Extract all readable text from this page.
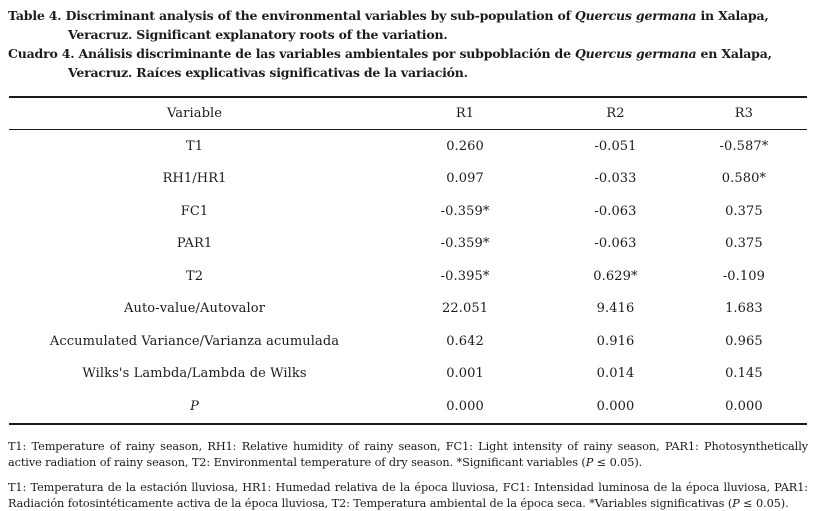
Table 4. Discriminant analysis of the environmental variables by sub-population of Quercus germana in Xalapa,
Veracruz. Significant explanatory roots of the variation.
Cuadro 4. Análisis discriminante de las variables ambientales por subpoblación de Quercus germana en Xalapa,
Veracruz. Raíces explicativas significativas de la variación.
Variable	R1	R2	R3
T1	0.260	-0.051	-0.587*
RH1/HR1	0.097	-0.033	0.580*
FC1	-0.359*	-0.063	0.375
PAR1	-0.359*	-0.063	0.375
T2	-0.395*	0.629*	-0.109
Auto-value/Autovalor	22.051	9.416	1.683
Accumulated Variance/Varianza acumulada	0.642	0.916	0.965
Wilks's Lambda/Lambda de Wilks	0.001	0.014	0.145
P	0.000	0.000	0.000
T1: Temperature of rainy season, RH1: Relative humidity of rainy season, FC1: Light intensity of rainy season, PAR1: Photosynthetically active radiation of rainy season, T2: Environmental temperature of dry season. *Significant variables (P ≤ 0.05).
T1: Temperatura de la estación lluviosa, HR1: Humedad relativa de la época lluviosa, FC1: Intensidad luminosa de la época lluviosa, PAR1: Radiación fotosintéticamente activa de la época lluviosa, T2: Temperatura ambiental de la época seca. *Variables significativas (P ≤ 0.05).
